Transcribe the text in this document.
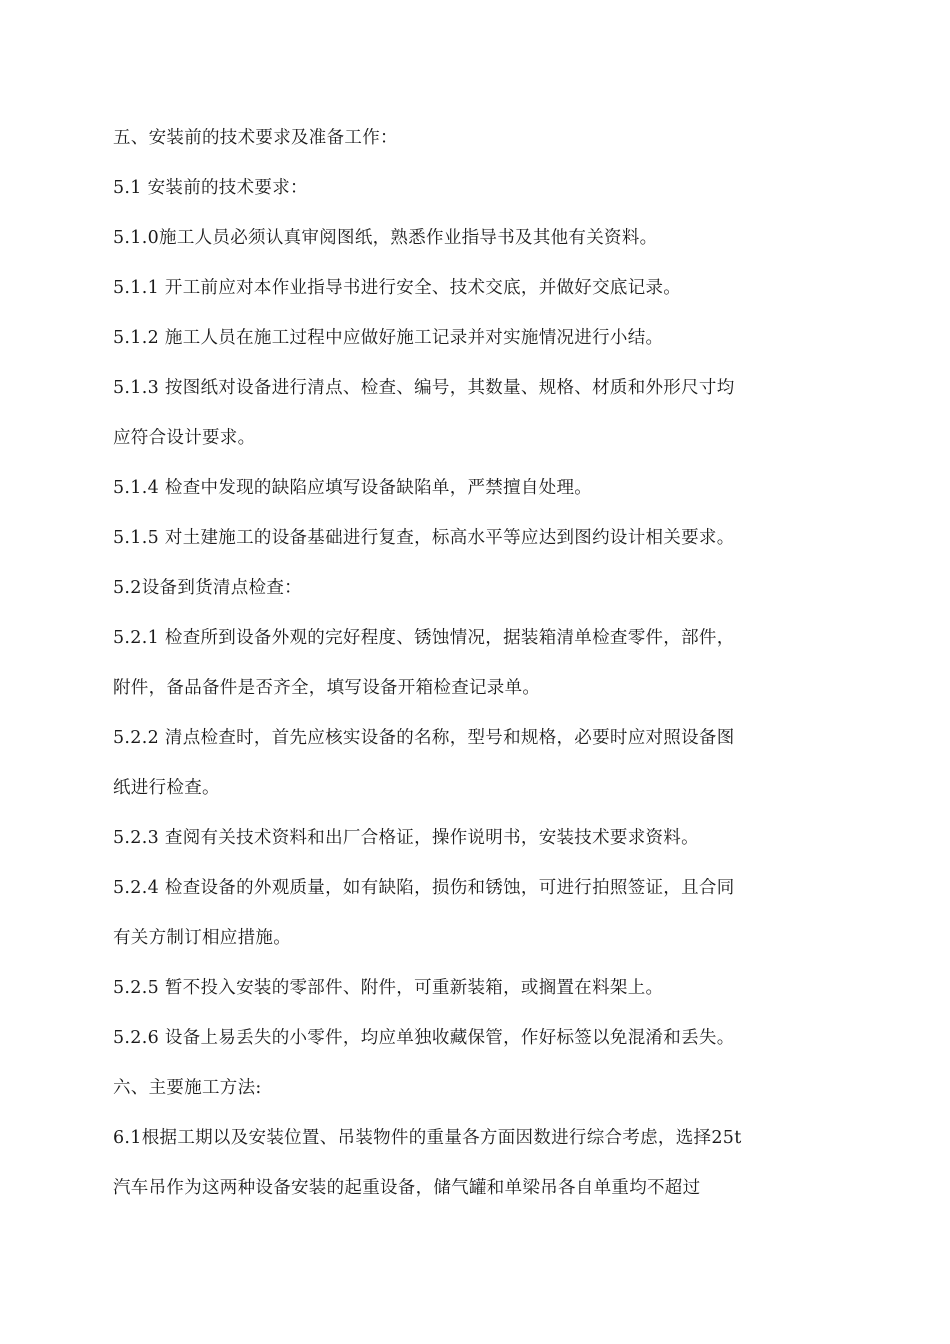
五、安装前的技术要求及准备工作：
5.1 安装前的技术要求：
5.1.0施工人员必须认真审阅图纸，熟悉作业指导书及其他有关资料。
5.1.1 开工前应对本作业指导书进行安全、技术交底，并做好交底记录。
5.1.2 施工人员在施工过程中应做好施工记录并对实施情况进行小结。
5.1.3 按图纸对设备进行清点、检查、编号，其数量、规格、材质和外形尺寸均
应符合设计要求。
5.1.4 检查中发现的缺陷应填写设备缺陷单，严禁擅自处理。
5.1.5 对土建施工的设备基础进行复查，标高水平等应达到图约设计相关要求。
5.2设备到货清点检查：
5.2.1 检查所到设备外观的完好程度、锈蚀情况，据装箱清单检查零件，部件，
附件，备品备件是否齐全，填写设备开箱检查记录单。
5.2.2 清点检查时，首先应核实设备的名称，型号和规格，必要时应对照设备图
纸进行检查。
5.2.3 查阅有关技术资料和出厂合格证，操作说明书，安装技术要求资料。
5.2.4 检查设备的外观质量，如有缺陷，损伤和锈蚀，可进行拍照签证，且合同
有关方制订相应措施。
5.2.5 暂不投入安装的零部件、附件，可重新装箱，或搁置在料架上。
5.2.6 设备上易丢失的小零件，均应单独收藏保管，作好标签以免混淆和丢失。
六、主要施工方法:
6.1根据工期以及安装位置、吊装物件的重量各方面因数进行综合考虑，选择25t
汽车吊作为这两种设备安装的起重设备，储气罐和单梁吊各自单重均不超过
